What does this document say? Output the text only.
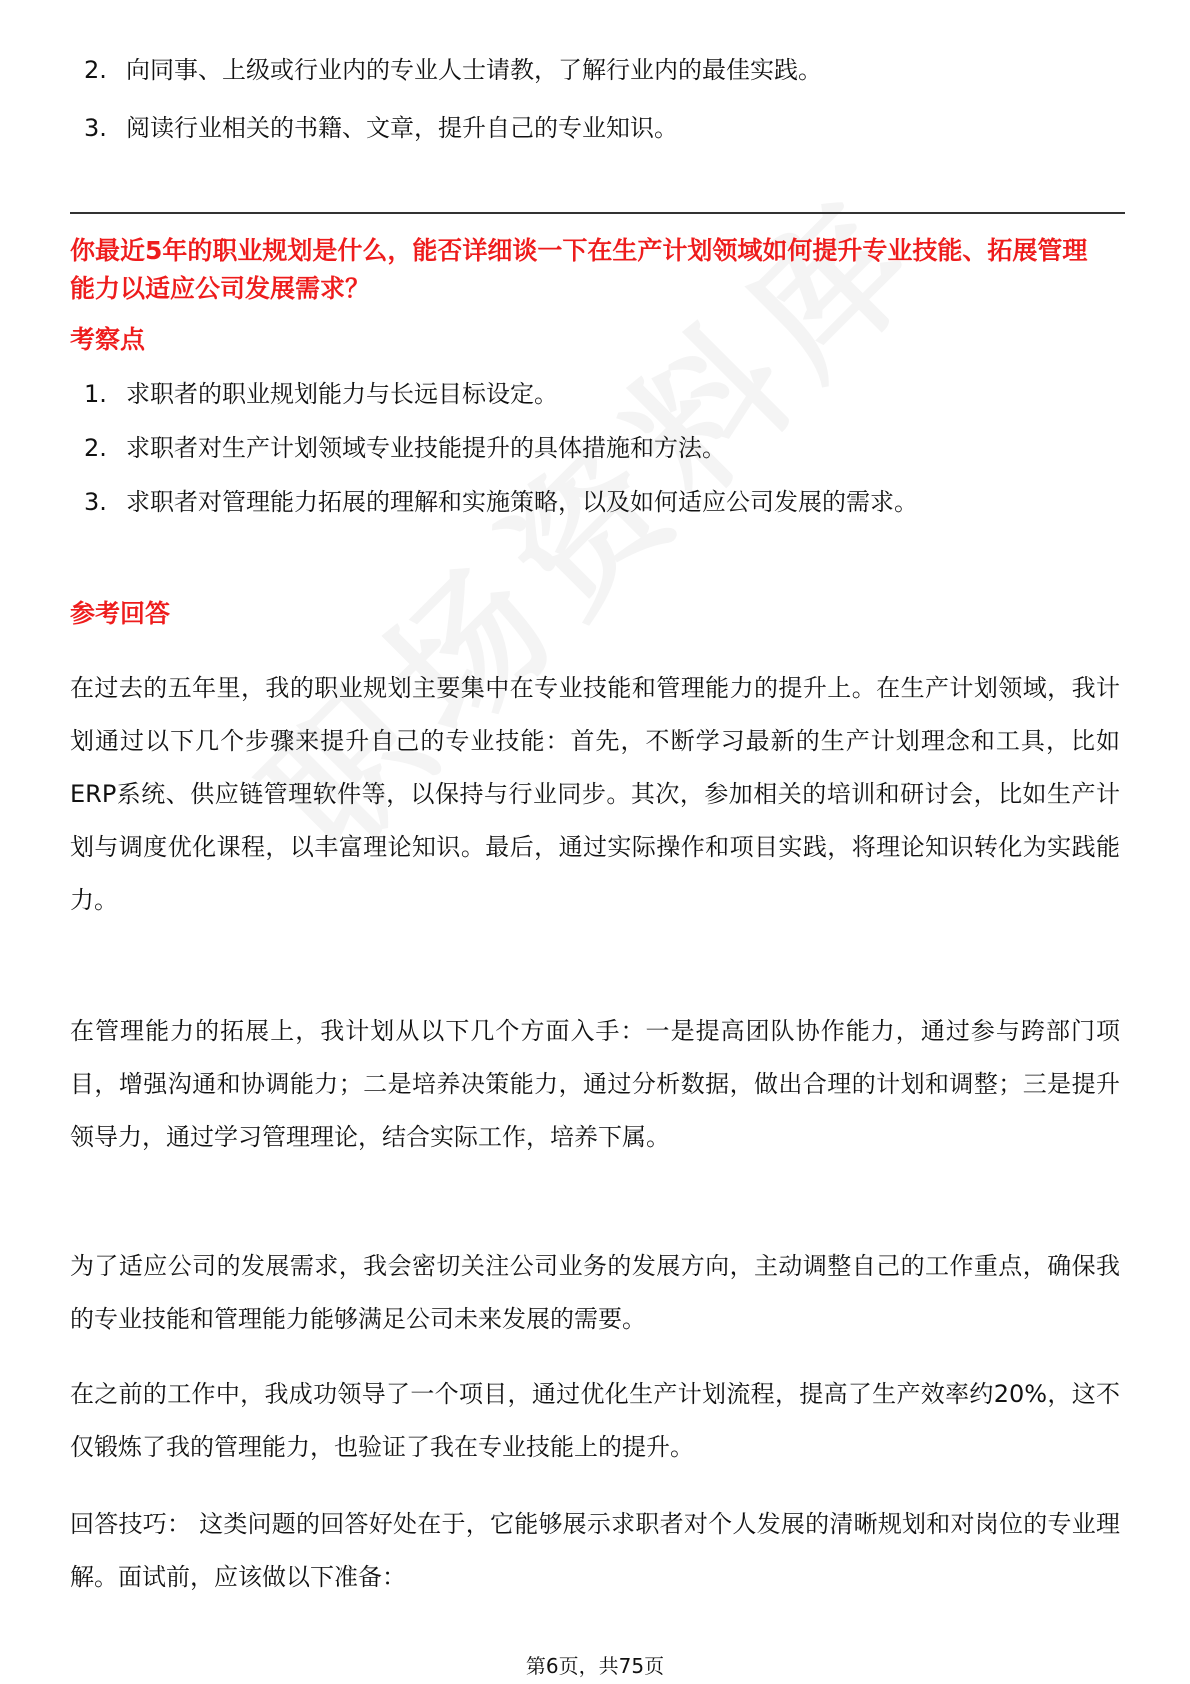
2. 向同事、上级或行业内的专业人士请教，了解行业内的最佳实践。
3. 阅读行业相关的书籍、文章，提升自己的专业知识。
你最近5年的职业规划是什么，能否详细谈一下在生产计划领域如何提升专业技能、拓展管理能力以适应公司发展需求？
考察点
1. 求职者的职业规划能力与长远目标设定。
2. 求职者对生产计划领域专业技能提升的具体措施和方法。
3. 求职者对管理能力拓展的理解和实施策略，以及如何适应公司发展的需求。
参考回答

在过去的五年里，我的职业规划主要集中在专业技能和管理能力的提升上。在生产计划领域，我计划通过以下几个步骤来提升自己的专业技能：首先，不断学习最新的生产计划理念和工具，比如ERP系统、供应链管理软件等，以保持与行业同步。其次，参加相关的培训和研讨会，比如生产计划与调度优化课程，以丰富理论知识。最后，通过实际操作和项目实践，将理论知识转化为实践能力。

在管理能力的拓展上，我计划从以下几个方面入手：一是提高团队协作能力，通过参与跨部门项目，增强沟通和协调能力；二是培养决策能力，通过分析数据，做出合理的计划和调整；三是提升领导力，通过学习管理理论，结合实际工作，培养下属。

为了适应公司的发展需求，我会密切关注公司业务的发展方向，主动调整自己的工作重点，确保我的专业技能和管理能力能够满足公司未来发展的需要。

在之前的工作中，我成功领导了一个项目，通过优化生产计划流程，提高了生产效率约20%，这不仅锻炼了我的管理能力，也验证了我在专业技能上的提升。

回答技巧： 这类问题的回答好处在于，它能够展示求职者对个人发展的清晰规划和对岗位的专业理解。面试前，应该做以下准备：

第6页，共75页
